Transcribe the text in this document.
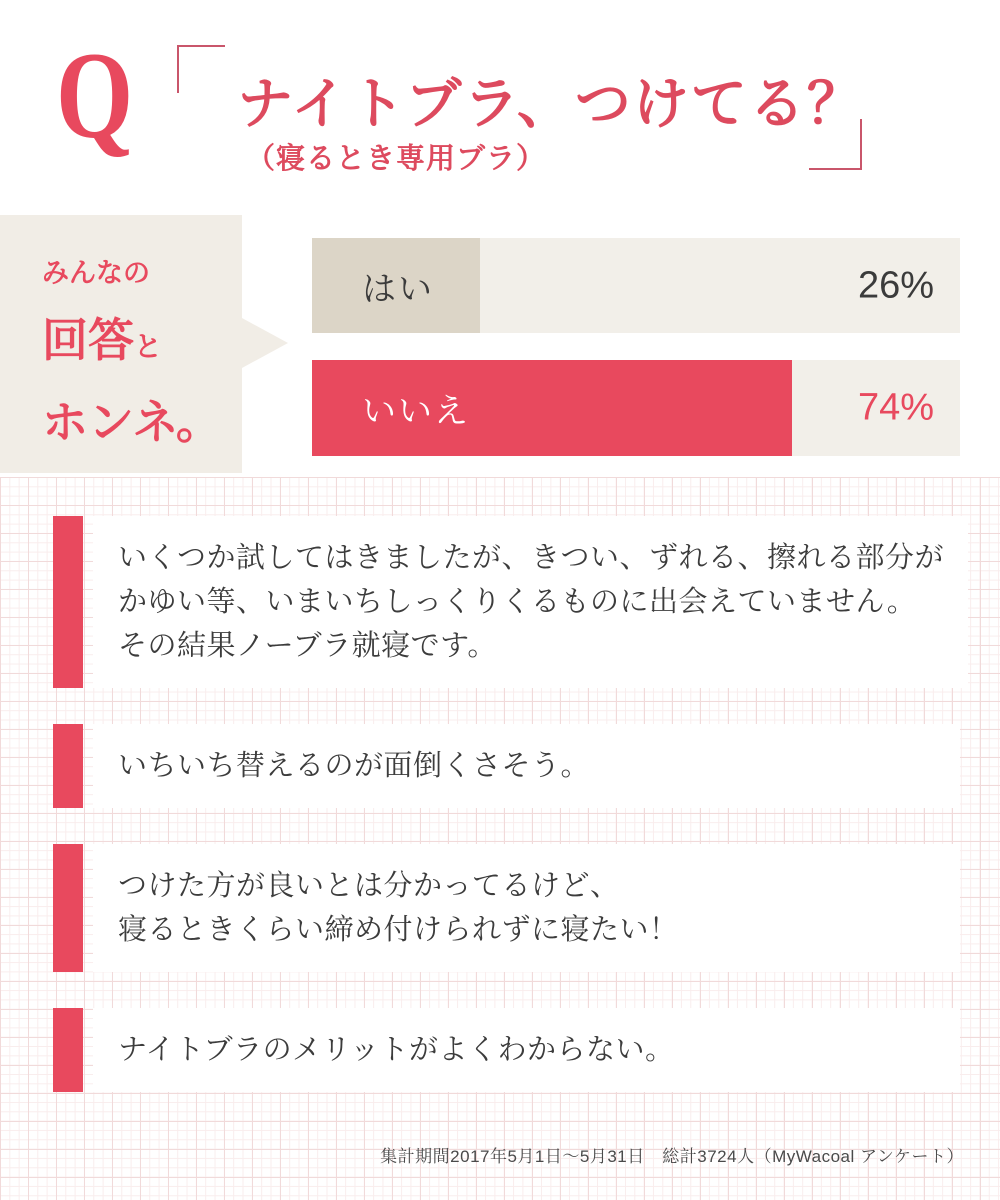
Q ナイトブラ、つけてる？
（寝るとき専用ブラ）
みんなの
回答と
ホンネ。
はい	26%
いいえ	74%
いくつか試してはきましたが、きつい、ずれる、擦れる部分が
かゆい等、いまいちしっくりくるものに出会えていません。
その結果ノーブラ就寝です。
いちいち替えるのが面倒くさそう。
つけた方が良いとは分かってるけど、
寝るときくらい締め付けられずに寝たい！
ナイトブラのメリットがよくわからない。
集計期間2017年5月1日～5月31日　総計3724人（MyWacoal アンケート）
